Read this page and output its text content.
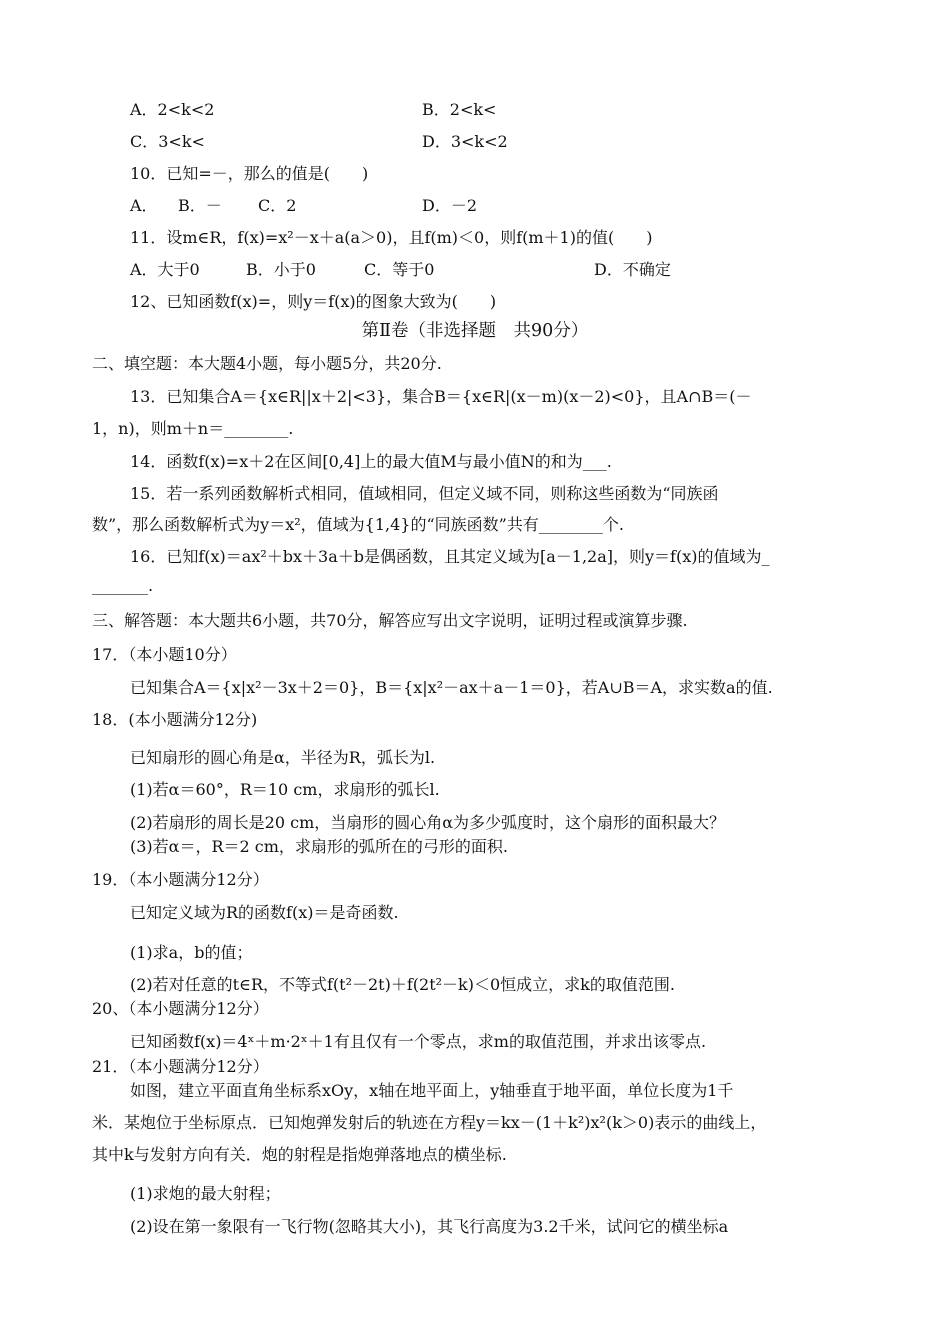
A．2<k<2	B．2<k<
C．3<k<	D．3<k<2
10．已知=－，那么的值是(　　)
A． B．－ C．2	D．－2
11．设m∈R，f(x)=x²－x＋a(a＞0)，且f(m)＜0，则f(m＋1)的值(　　)
A．大于0	B．小于0	C．等于0	D．不确定
12、已知函数f(x)=，则y＝f(x)的图象大致为(　　)
第Ⅱ卷（非选择题　共90分）
二、填空题：本大题4小题，每小题5分，共20分.
13．已知集合A＝{x∈R||x＋2|<3}，集合B＝{x∈R|(x－m)(x－2)<0}，且A∩B＝(－
1，n)，则m＋n＝________.
14．函数f(x)=x＋2在区间[0,4]上的最大值M与最小值N的和为___.
15．若一系列函数解析式相同，值域相同，但定义域不同，则称这些函数为“同族函
数”，那么函数解析式为y＝x²，值域为{1,4}的“同族函数”共有________个.
16．已知f(x)＝ax²＋bx＋3a＋b是偶函数，且其定义域为[a－1,2a]，则y＝f(x)的值域为_
_______.
三、解答题：本大题共6小题，共70分，解答应写出文字说明，证明过程或演算步骤.
17．（本小题10分）
已知集合A＝{x|x²－3x＋2＝0}，B＝{x|x²－ax＋a－1＝0}，若A∪B＝A，求实数a的值.
18．(本小题满分12分)
已知扇形的圆心角是α，半径为R，弧长为l.
(1)若α＝60°，R＝10 cm，求扇形的弧长l.
(2)若扇形的周长是20 cm，当扇形的圆心角α为多少弧度时，这个扇形的面积最大？
(3)若α＝，R＝2 cm，求扇形的弧所在的弓形的面积.
19．（本小题满分12分）
已知定义域为R的函数f(x)＝是奇函数.
(1)求a，b的值；
(2)若对任意的t∈R，不等式f(t²－2t)＋f(2t²－k)＜0恒成立，求k的取值范围.
20、（本小题满分12分）
已知函数f(x)＝4ˣ＋m·2ˣ＋1有且仅有一个零点，求m的取值范围，并求出该零点.
21．（本小题满分12分）
如图，建立平面直角坐标系xOy，x轴在地平面上，y轴垂直于地平面，单位长度为1千
米．某炮位于坐标原点．已知炮弹发射后的轨迹在方程y＝kx－(1＋k²)x²(k＞0)表示的曲线上，
其中k与发射方向有关．炮的射程是指炮弹落地点的横坐标.
(1)求炮的最大射程；
(2)设在第一象限有一飞行物(忽略其大小)，其飞行高度为3.2千米，试问它的横坐标a
